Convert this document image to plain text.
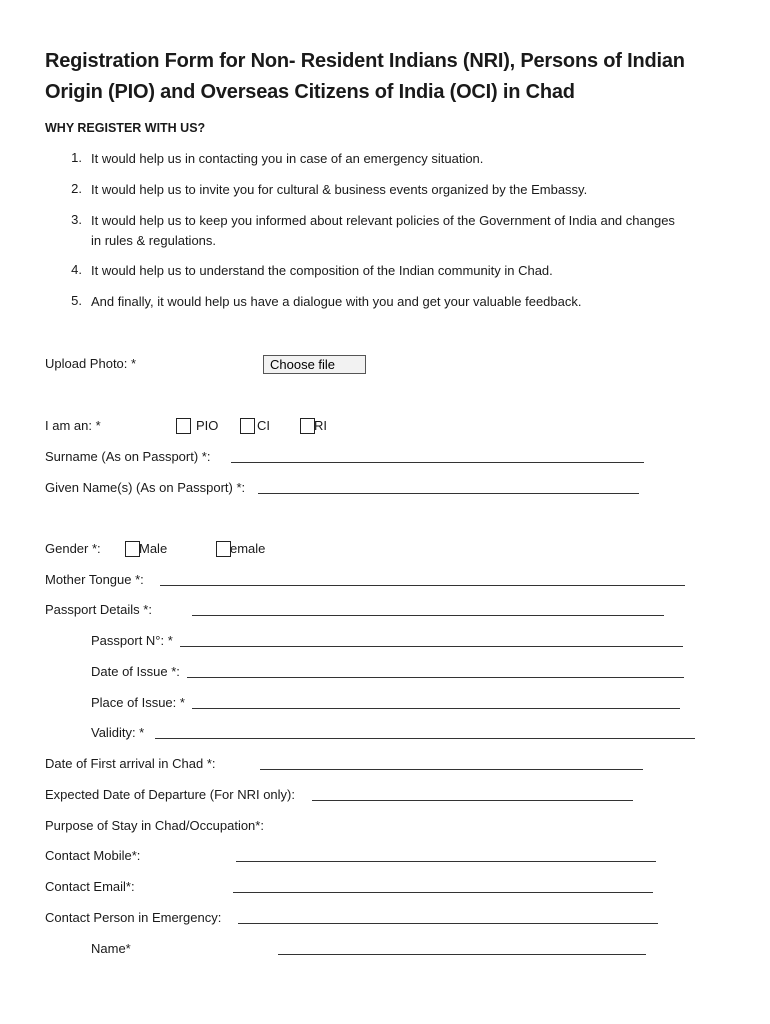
Registration Form for Non- Resident Indians (NRI), Persons of Indian
Origin (PIO) and Overseas Citizens of India (OCI) in Chad
WHY REGISTER WITH US?
1. It would help us in contacting you in case of an emergency situation.
2. It would help us to invite you for cultural & business events organized by the Embassy.
3. It would help us to keep you informed about relevant policies of the Government of India and changes
in rules & regulations.
4. It would help us to understand the composition of the Indian community in Chad.
5. And finally, it would help us have a dialogue with you and get your valuable feedback.
Upload Photo: *	Choose file
I am an: *	PIO	CI	RI
Surname (As on Passport) *:
Given Name(s) (As on Passport) *:
Gender *:	Male	emale
Mother Tongue *:
Passport Details *:
Passport N°: *
Date of Issue *:
Place of Issue: *
Validity: *
Date of First arrival in Chad *:
Expected Date of Departure (For NRI only):
Purpose of Stay in Chad/Occupation*:
Contact Mobile*:
Contact Email*:
Contact Person in Emergency:
Name*
